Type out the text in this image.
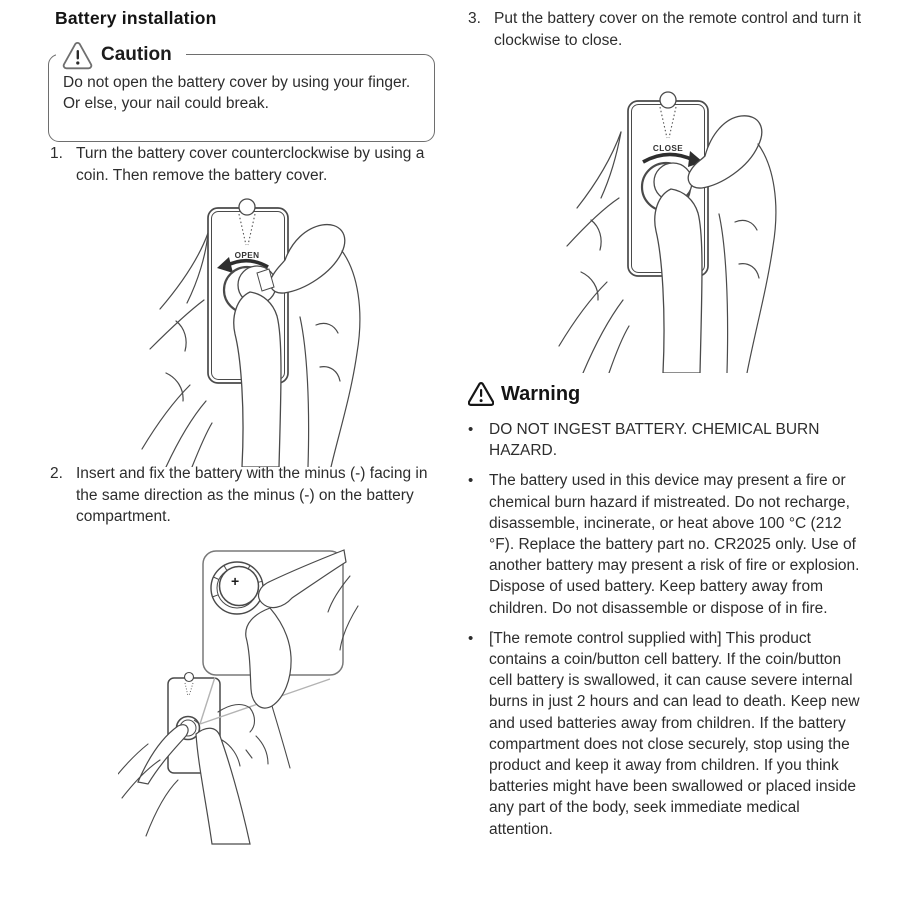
Battery installation
Caution
Do not open the battery cover by using your finger. Or else, your nail could break.
1. Turn the battery cover counterclockwise by using a coin. Then remove the battery cover.
OPEN
2. Insert and fix the battery with the minus (-) facing in the same direction as the minus (-) on the battery compartment.
+
3. Put the battery cover on the remote control and turn it clockwise to close.
CLOSE
Warning
•	DO NOT INGEST BATTERY. CHEMICAL BURN HAZARD.
•	The battery used in this device may present a fire or chemical burn hazard if mistreated. Do not recharge, disassemble, incinerate, or heat above 100 °C (212 °F). Replace the battery part no. CR2025 only. Use of another battery may present a risk of fire or explosion. Dispose of used battery. Keep battery away from children. Do not disassemble or dispose of in fire.
•	[The remote control supplied with] This product contains a coin/button cell battery. If the coin/button cell battery is swallowed, it can cause severe internal burns in just 2 hours and can lead to death. Keep new and used batteries away from children. If the battery compartment does not close securely, stop using the product and keep it away from children. If you think batteries might have been swallowed or placed inside any part of the body, seek immediate medical attention.
